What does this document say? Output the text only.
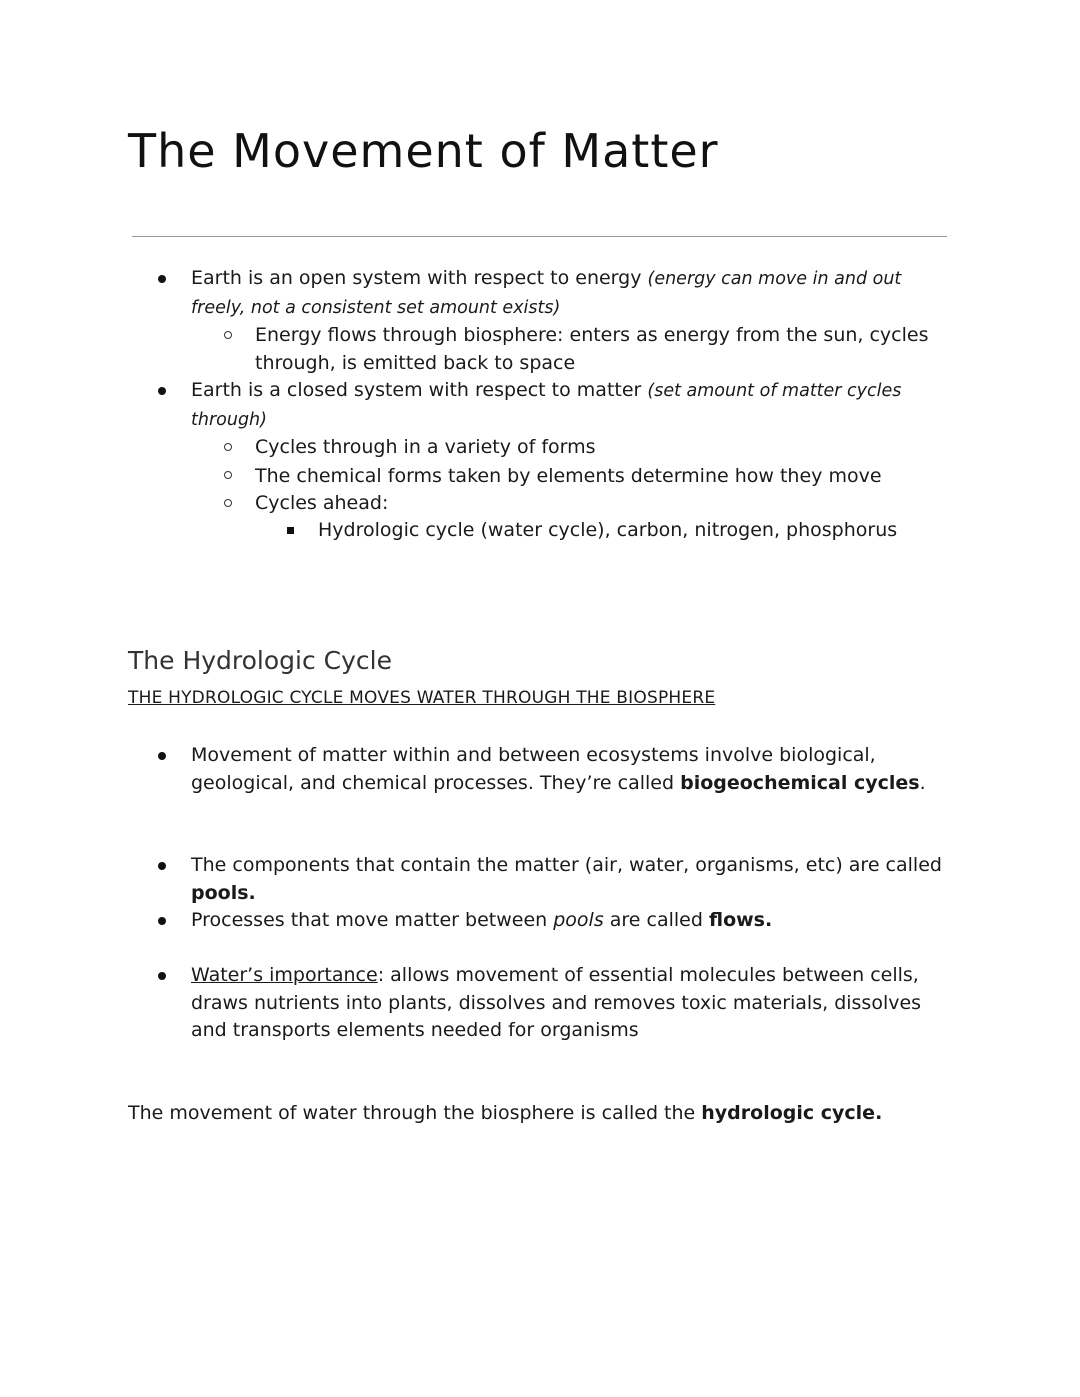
The Movement of Matter
Earth is an open system with respect to energy (energy can move in and out freely, not a consistent set amount exists)
Energy flows through biosphere: enters as energy from the sun, cycles through, is emitted back to space
Earth is a closed system with respect to matter (set amount of matter cycles through)
Cycles through in a variety of forms
The chemical forms taken by elements determine how they move
Cycles ahead:
Hydrologic cycle (water cycle), carbon, nitrogen, phosphorus
The Hydrologic Cycle

THE HYDROLOGIC CYCLE MOVES WATER THROUGH THE BIOSPHERE

Movement of matter within and between ecosystems involve biological, geological, and chemical processes. They’re called biogeochemical cycles.
The components that contain the matter (air, water, organisms, etc) are called pools.
Processes that move matter between pools are called flows.
Water’s importance: allows movement of essential molecules between cells, draws nutrients into plants, dissolves and removes toxic materials, dissolves and transports elements needed for organisms

The movement of water through the biosphere is called the hydrologic cycle.
